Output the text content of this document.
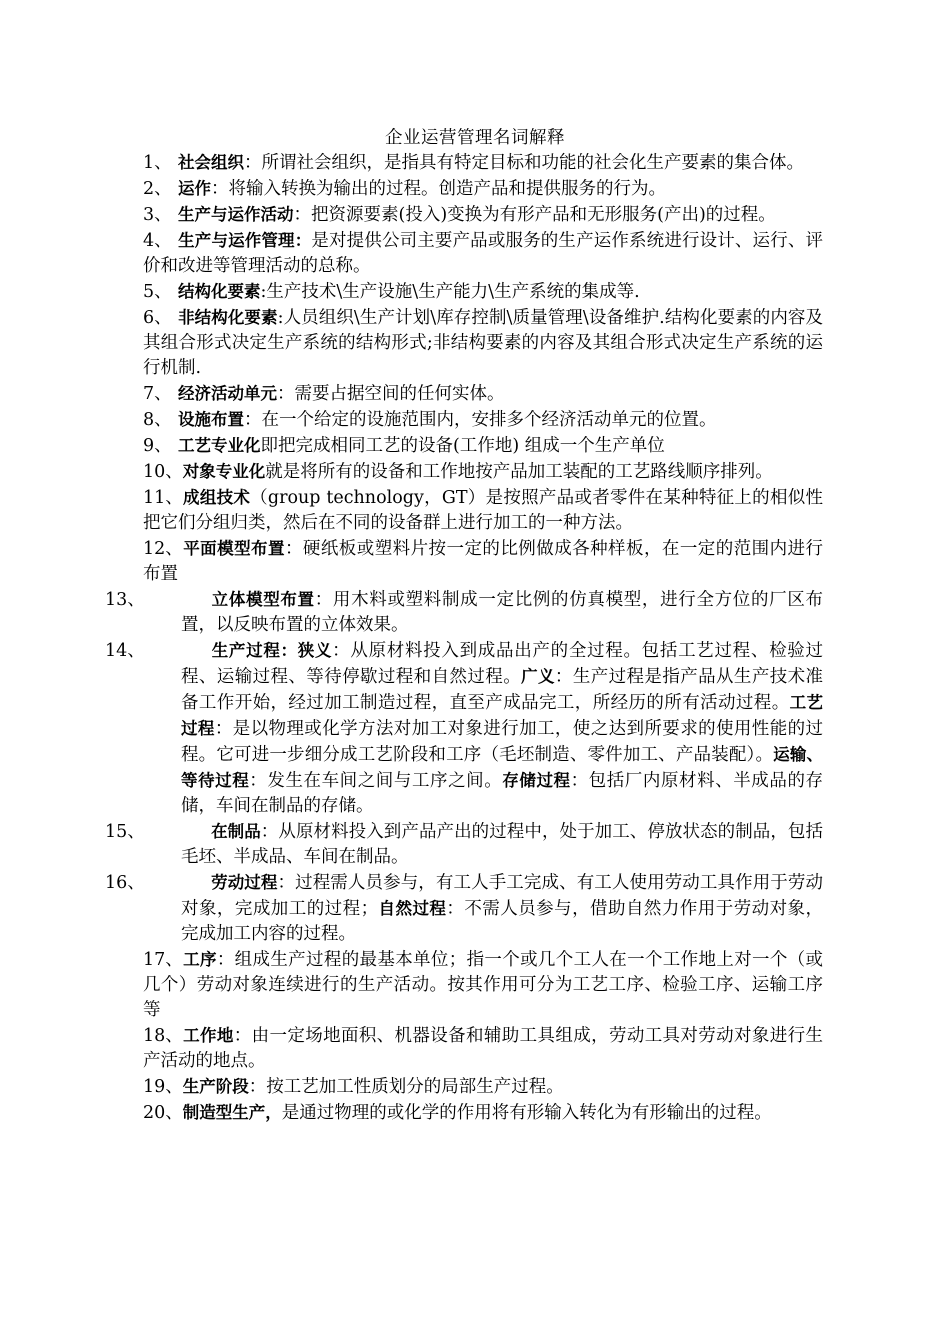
企业运营管理名词解释
1、 社会组织：所谓社会组织，是指具有特定目标和功能的社会化生产要素的集合体。
2、 运作：将输入转换为输出的过程。创造产品和提供服务的行为。
3、 生产与运作活动：把资源要素(投入)变换为有形产品和无形服务(产出)的过程。
4、 生产与运作管理：是对提供公司主要产品或服务的生产运作系统进行设计、运行、评价和改进等管理活动的总称。
5、 结构化要素:生产技术\生产设施\生产能力\生产系统的集成等.
6、 非结构化要素:人员组织\生产计划\库存控制\质量管理\设备维护.结构化要素的内容及其组合形式决定生产系统的结构形式;非结构要素的内容及其组合形式决定生产系统的运行机制.
7、 经济活动单元：需要占据空间的任何实体。
8、 设施布置：在一个给定的设施范围内，安排多个经济活动单元的位置。
9、 工艺专业化即把完成相同工艺的设备(工作地) 组成一个生产单位
10、对象专业化就是将所有的设备和工作地按产品加工装配的工艺路线顺序排列。
11、成组技术（group technology，GT）是按照产品或者零件在某种特征上的相似性把它们分组归类，然后在不同的设备群上进行加工的一种方法。
12、平面模型布置：硬纸板或塑料片按一定的比例做成各种样板，在一定的范围内进行布置
13、	立体模型布置：用木料或塑料制成一定比例的仿真模型，进行全方位的厂区布置，以反映布置的立体效果。
14、	生产过程：狭义：从原材料投入到成品出产的全过程。包括工艺过程、检验过程、运输过程、等待停歇过程和自然过程。广义：生产过程是指产品从生产技术准备工作开始，经过加工制造过程，直至产成品完工，所经历的所有活动过程。工艺过程：是以物理或化学方法对加工对象进行加工，使之达到所要求的使用性能的过程。它可进一步细分成工艺阶段和工序（毛坯制造、零件加工、产品装配）。运输、等待过程：发生在车间之间与工序之间。存储过程：包括厂内原材料、半成品的存储，车间在制品的存储。
15、	在制品：从原材料投入到产品产出的过程中，处于加工、停放状态的制品，包括毛坯、半成品、车间在制品。
16、	劳动过程：过程需人员参与，有工人手工完成、有工人使用劳动工具作用于劳动对象，完成加工的过程；自然过程：不需人员参与，借助自然力作用于劳动对象，完成加工内容的过程。
17、工序：组成生产过程的最基本单位；指一个或几个工人在一个工作地上对一个（或几个）劳动对象连续进行的生产活动。按其作用可分为工艺工序、检验工序、运输工序等
18、工作地：由一定场地面积、机器设备和辅助工具组成，劳动工具对劳动对象进行生产活动的地点。
19、生产阶段：按工艺加工性质划分的局部生产过程。
20、制造型生产，是通过物理的或化学的作用将有形输入转化为有形输出的过程。
